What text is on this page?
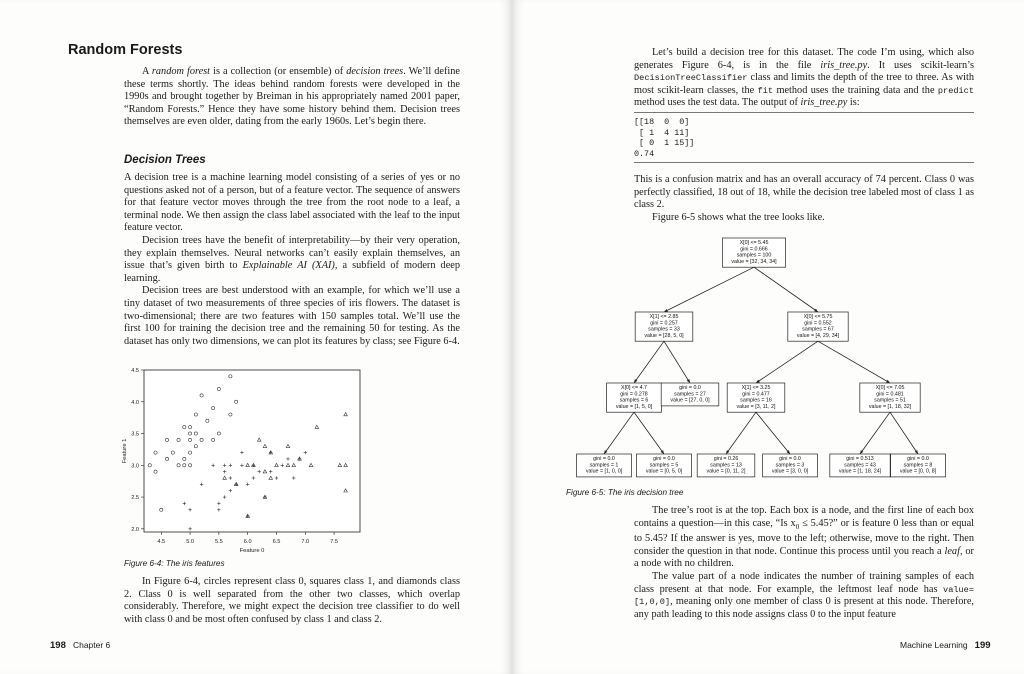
Random Forests

A random forest is a collection (or ensemble) of decision trees. We’ll define these terms shortly. The ideas behind random forests were developed in the 1990s and brought together by Breiman in his appropriately named 2001 paper, “Random Forests.” Hence they have some history behind them. Decision trees themselves are even older, dating from the early 1960s. Let’s begin there.

Decision Trees

A decision tree is a machine learning model consisting of a series of yes or no questions asked not of a person, but of a feature vector. The sequence of answers for that feature vector moves through the tree from the root node to a leaf, a terminal node. We then assign the class label associated with the leaf to the input feature vector.

Decision trees have the benefit of interpretability—by their very operation, they explain themselves. Neural networks can’t easily explain themselves, an issue that’s given birth to Explainable AI (XAI), a subfield of modern deep learning.

Decision trees are best understood with an example, for which we’ll use a tiny dataset of two measurements of three species of iris flowers. The dataset is two-dimensional; there are two features with 150 samples total. We’ll use the first 100 for training the decision tree and the remaining 50 for testing. As the dataset has only two dimensions, we can plot its features by class; see Figure 6-4.

4.5	5.0	5.5	6.0	6.5	7.0	7.5
2.0
2.5
3.0
3.5
4.0
4.5
Feature 0
Feature 1
Figure 6-4: The iris features

In Figure 6-4, circles represent class 0, squares class 1, and diamonds class 2. Class 0 is well separated from the other two classes, which overlap considerably. Therefore, we might expect the decision tree classifier to do well with class 0 and be most often confused by class 1 and class 2.

198 Chapter 6

Let’s build a decision tree for this dataset. The code I’m using, which also generates Figure 6-4, is in the file iris_tree.py. It uses scikit-learn’s DecisionTreeClassifier class and limits the depth of the tree to three. As with most scikit-learn classes, the fit method uses the training data and the predict method uses the test data. The output of iris_tree.py is:

[[18  0  0]
[ 1  4 11]
[ 0  1 15]]
0.74

This is a confusion matrix and has an overall accuracy of 74 percent. Class 0 was perfectly classified, 18 out of 18, while the decision tree labeled most of class 1 as class 2.

Figure 6-5 shows what the tree looks like.

X[0] <= 5.45
gini = 0.666
samples = 100
value = [32, 34, 34]
X[1] <= 2.85
gini = 0.257
samples = 33
value = [28, 5, 0]
X[0] <= 5.75
gini = 0.552
samples = 67
value = [4, 29, 34]
X[0] <= 4.7
gini = 0.278
samples = 6
value = [1, 5, 0]
gini = 0.0
samples = 27
value = [27, 0, 0]
X[1] <= 3.25
gini = 0.477
samples = 16
value = [3, 11, 2]
X[0] <= 7.05
gini = 0.481
samples = 51
value = [1, 18, 32]
gini = 0.0
samples = 1
value = [1, 0, 0]
gini = 0.0
samples = 5
value = [0, 5, 0]
gini = 0.26
samples = 13
value = [0, 11, 2]
gini = 0.0
samples = 3
value = [3, 0, 0]
gini = 0.513
samples = 43
value = [1, 18, 24]
gini = 0.0
samples = 8
value = [0, 0, 8]
Figure 6-5: The iris decision tree

The tree’s root is at the top. Each box is a node, and the first line of each box contains a question—in this case, “Is $x_0 \le 5.45$?” or is feature 0 less than or equal to 5.45? If the answer is yes, move to the left; otherwise, move to the right. Then consider the question in that node. Continue this process until you reach a leaf, or a node with no children.

The value part of a node indicates the number of training samples of each class present at that node. For example, the leftmost leaf node has value=[1,0,0], meaning only one member of class 0 is present at this node. Therefore, any path leading to this node assigns class 0 to the input feature

Machine Learning 199
